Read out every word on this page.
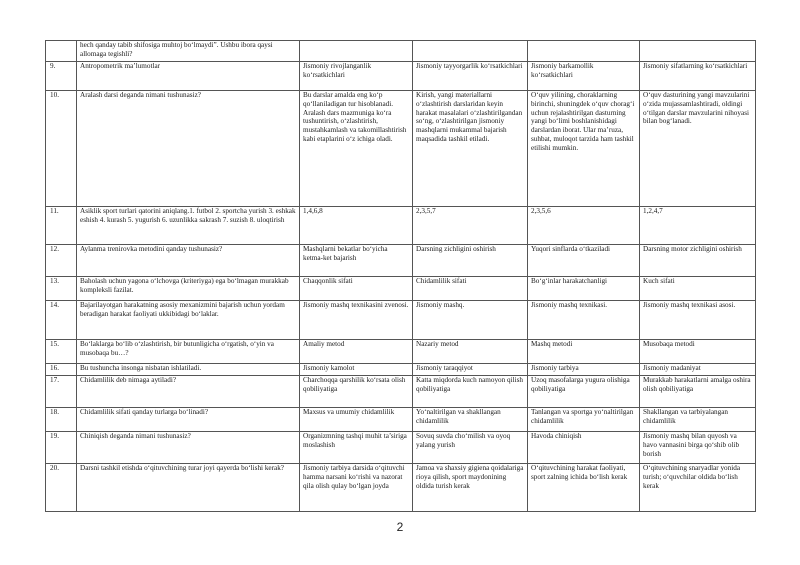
	hech qanday tabib shifosiga muhtoj bo‘lmaydi”. Ushbu ibora qaysi allomaga tegishli?				
9.	Antropometrik ma’lumotlar	Jismoniy rivojlanganlik ko‘rsatkichlari	Jismoniy tayyorgarlik ko‘rsatkichlari	Jismoniy barkamollik ko‘rsatkichlari	Jismoniy sifatlarning ko‘rsatkichlari
10.	Aralash darsi deganda nimani tushunasiz?	Bu darslar amalda eng ko‘p qo‘llaniladigan tur hisoblanadi. Aralash dars mazmuniga ko‘ra tushuntirish, o‘zlashtirish, mustahkamlash va takomillashtirish kabi etaplarini o‘z ichiga oladi.	Kirish, yangi materiallarni o‘zlashtirish darslaridan keyin harakat masalalari o‘zlashtirilgandan so‘ng, o‘zlashtirilgan jismoniy mashqlarni mukammal bajarish maqsadida tashkil etiladi.	O‘quv yilining, choraklarning birinchi, shuningdek o‘quv chorag‘i uchun rejalashtirilgan dasturning yangi bo‘limi boshlanishidagi darslardan iborat. Ular ma’ruza, suhbat, muloqot tarzida ham tashkil etilishi mumkin.	O‘quv dasturining yangi mavzularini o‘zida mujassamlashtiradi, oldingi o‘tilgan darslar mavzularini nihoyasi bilan bog‘lanadi.
11.	Asiklik sport turlari qatorini aniqlang.1. futbol 2. sportcha yurish 3. eshkak eshish 4. kurash 5. yugurish 6. uzunlikka sakrash 7. suzish 8. uloqtirish	1,4,6,8	2,3,5,7	2,3,5,6	1,2,4,7
12.	Aylanma trenirovka metodini qanday tushunasiz?	Mashqlarni bekatlar bo‘yicha ketma-ket bajarish	Darsning zichligini oshirish	Yuqori sinflarda o‘tkaziladi	Darsning motor zichligini oshirish
13.	Baholash uchun yagona o‘lchovga (kriteriyga) ega bo‘lmagan murakkab kompleksli fazilat.	Chaqqonlik sifati	Chidamlilik sifati	Bo‘g‘inlar harakatchanligi	Kuch sifati
14.	Bajarilayotgan harakatning asosiy mexanizmini bajarish uchun yordam beradigan harakat faoliyati ukkibidagi bo‘laklar.	Jismoniy mashq texnikasini zvenosi.	Jismoniy mashq.	Jismoniy mashq texnikasi.	Jismoniy mashq texnikasi asosi.
15.	Bo‘laklarga bo‘lib o‘zlashtirish, bir butunligicha o‘rgatish, o‘yin va musobaqa bu…?	Amaliy metod	Nazariy metod	Mashq metodi	Musobaqa metodi
16.	Bu tushuncha insonga nisbatan ishlatiladi.	Jismoniy kamolot	Jismoniy taraqqiyot	Jismoniy tarbiya	Jismoniy madaniyat
17.	Chidamlilik deb nimaga aytiladi?	Charchoqqa qarshilik ko‘rsata olish qobiliyatiga	Katta miqdorda kuch namoyon qilish qobiliyatiga	Uzoq masofalarga yugura olishiga qobiliyatiga	Murakkab harakatlarni amalga oshira olish qobiliyatiga
18.	Chidamlilik sifati qanday turlarga bo‘linadi?	Maxsus va umumiy chidamlilik	Yo‘naltirilgan va shakllangan chidamlilik	Tanlangan va sportga yo‘naltirilgan chidamlilik	Shakllangan va tarbiyalangan chidamlilik
19.	Chiniqish deganda nimani tushunasiz?	Organizmning tashqi muhit ta’siriga moslashish	Sovuq suvda cho‘milish va oyoq yalang yurish	Havoda chiniqish	Jismoniy mashq bilan quyosh va havo vannasini birga qo‘shib olib borish
20.	Darsni tashkil etishda o‘qituvchining turar joyi qayerda bo‘lishi kerak?	Jismoniy tarbiya darsida o‘qituvchi hamma narsani ko‘rishi va nazorat qila olish qulay bo‘lgan joyda	Jamoa va shaxsiy gigiena qoidalariga rioya qilish, sport maydonining oldida turish kerak	O‘qituvchining harakat faoliyati, sport zalning ichida bo‘lish kerak	O‘qituvchining snaryadlar yonida turish; o‘quvchilar oldida bo‘lish kerak
2
